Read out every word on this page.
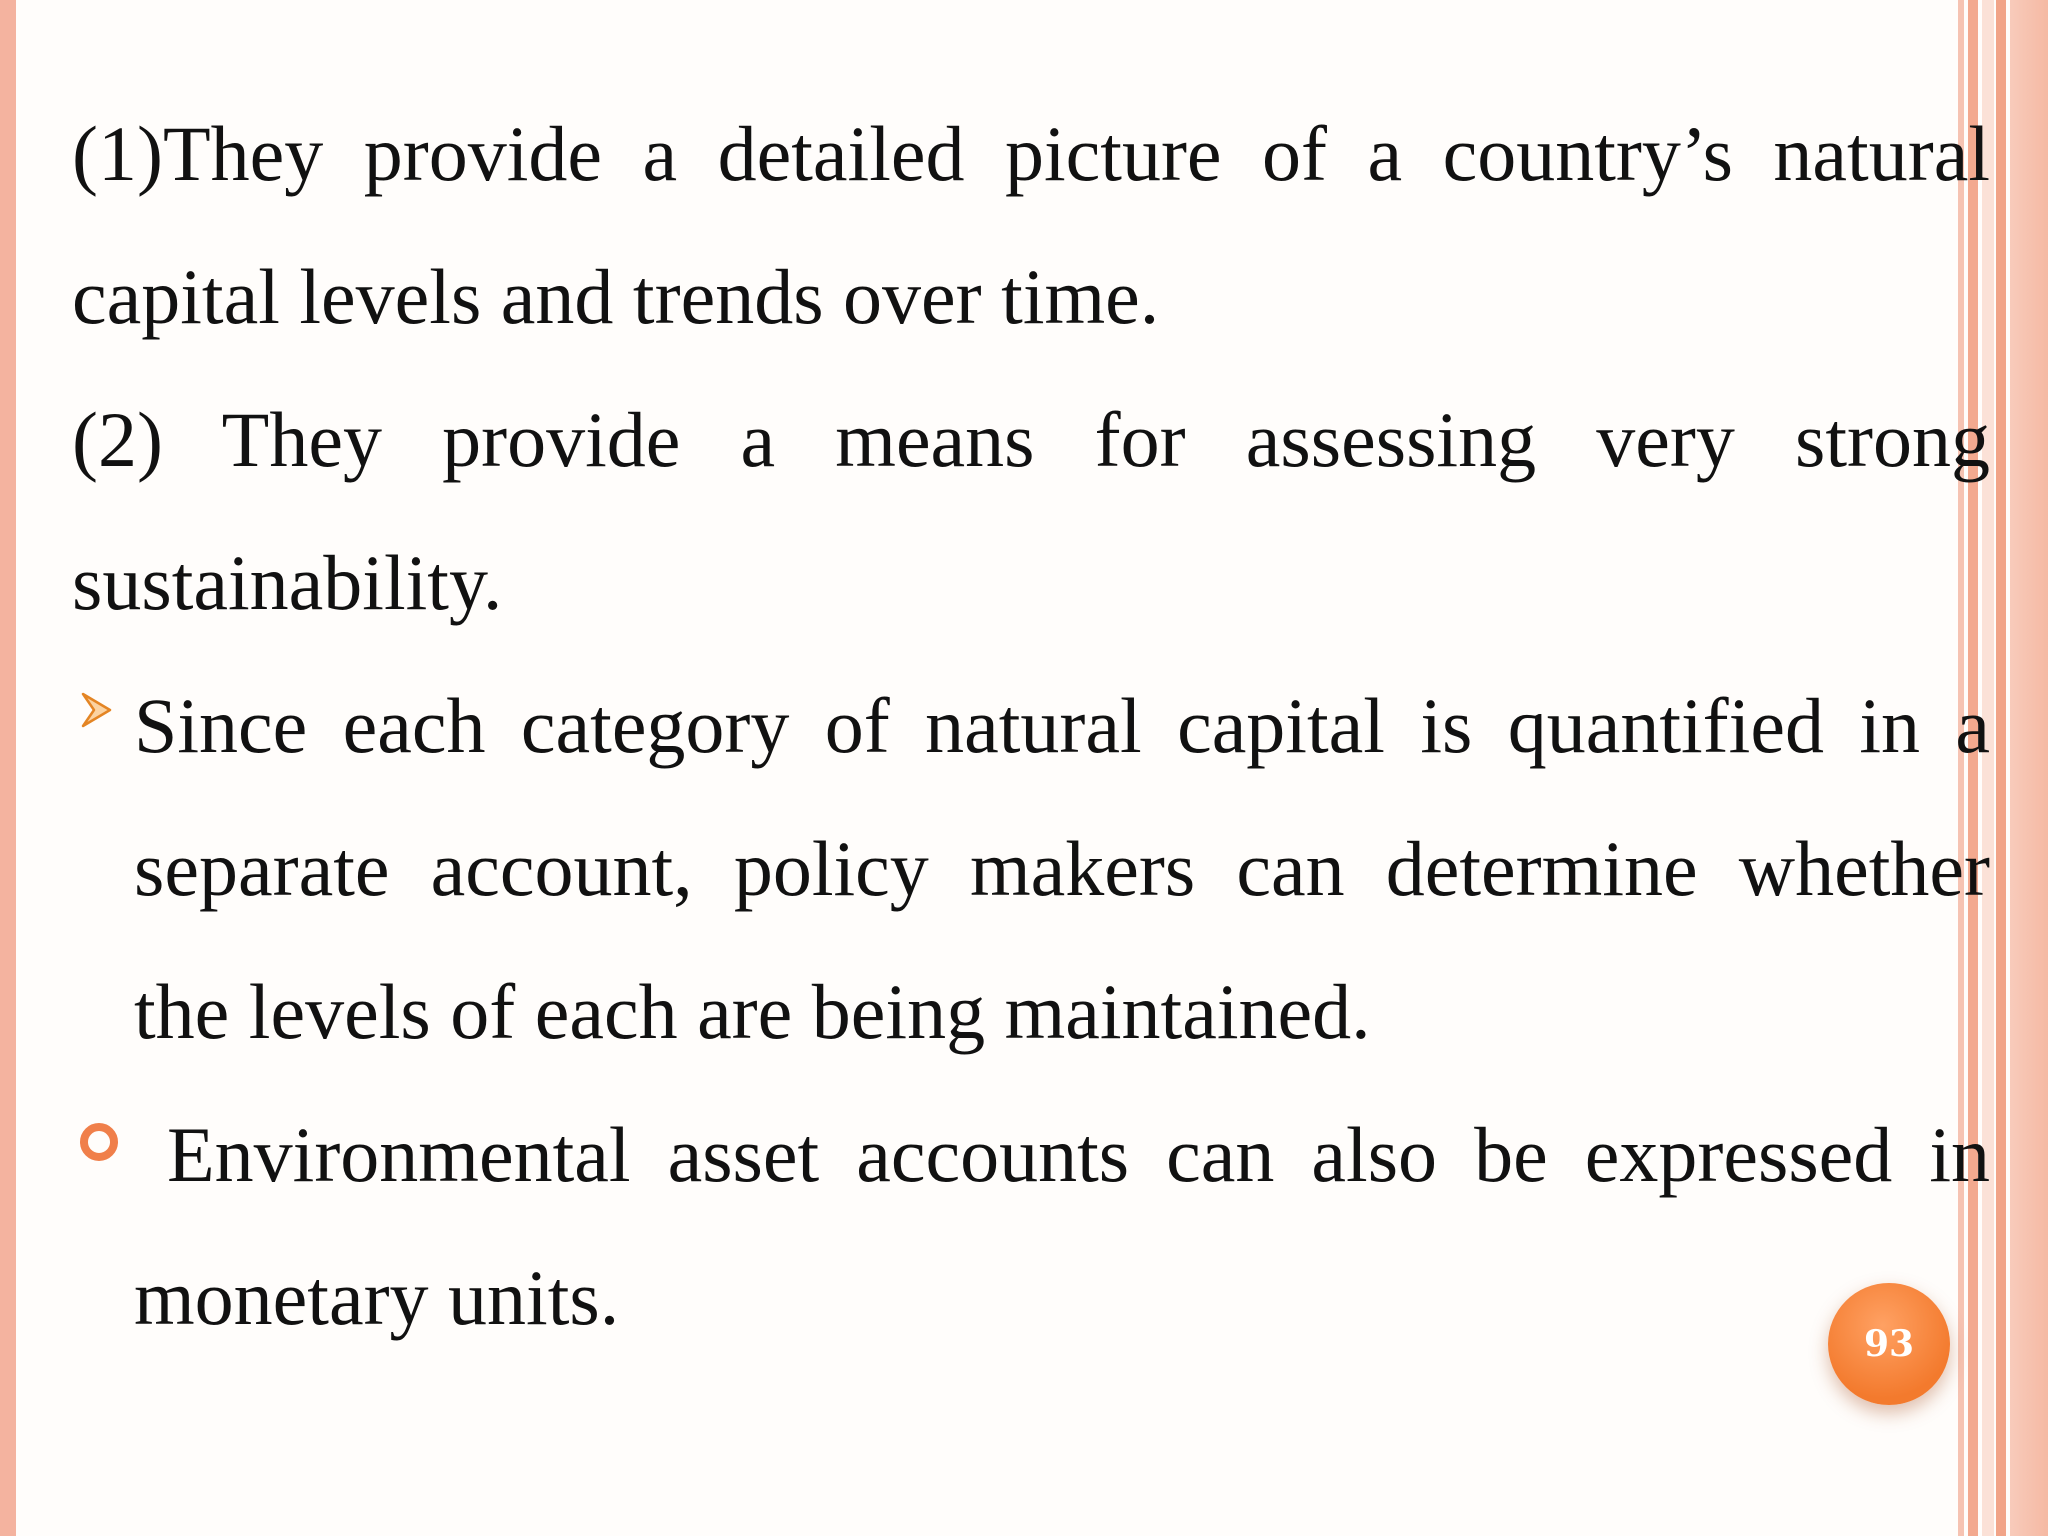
(1)They provide a detailed picture of a country’s natural
capital levels and trends over time.
(2) They provide a means for assessing very strong
sustainability.
Since each category of natural capital is quantified in a
separate account, policy makers can determine whether
the levels of each are being maintained.
Environmental asset accounts can also be expressed in
monetary units.
93
